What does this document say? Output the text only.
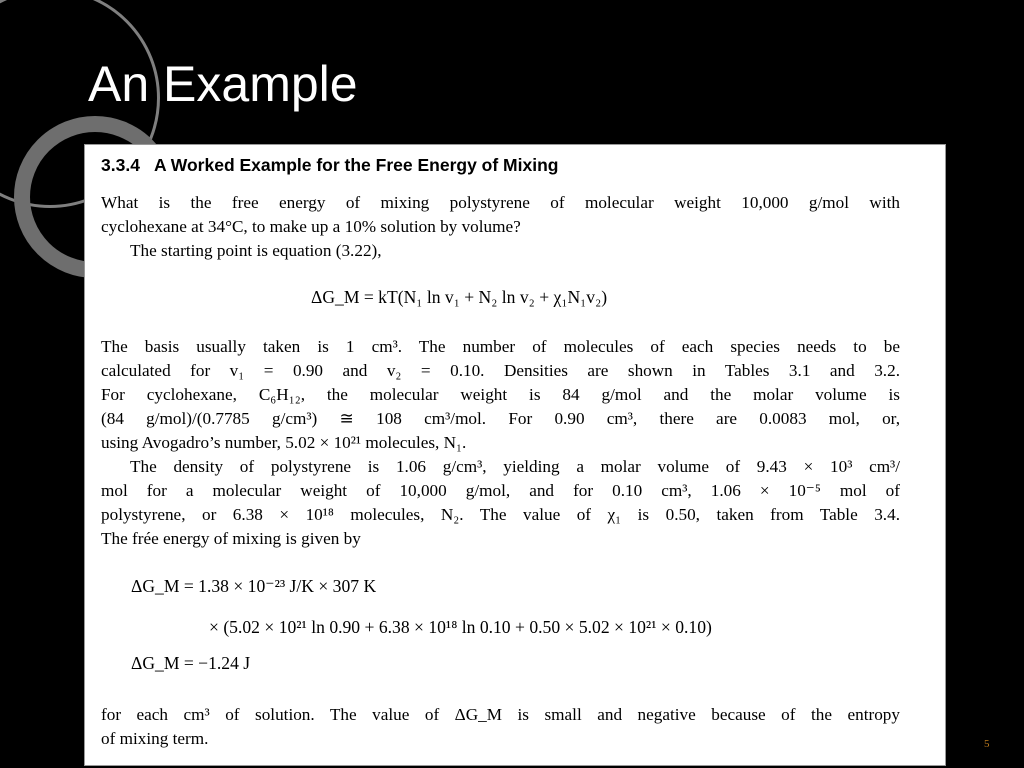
An Example
3.3.4 A Worked Example for the Free Energy of Mixing
What is the free energy of mixing polystyrene of molecular weight 10,000 g/mol with
cyclohexane at 34°C, to make up a 10% solution by volume?
The starting point is equation (3.22),
ΔG_M = kT(N₁ ln v₁ + N₂ ln v₂ + χ₁N₁v₂)
The basis usually taken is 1 cm³. The number of molecules of each species needs to be
calculated for v₁ = 0.90 and v₂ = 0.10. Densities are shown in Tables 3.1 and 3.2.
For cyclohexane, C₆H₁₂, the molecular weight is 84 g/mol and the molar volume is
(84 g/mol)/(0.7785 g/cm³) ≅ 108 cm³/mol. For 0.90 cm³, there are 0.0083 mol, or,
using Avogadro’s number, 5.02 × 10²¹ molecules, N₁.
The density of polystyrene is 1.06 g/cm³, yielding a molar volume of 9.43 × 10³ cm³/
mol for a molecular weight of 10,000 g/mol, and for 0.10 cm³, 1.06 × 10⁻⁵ mol of
polystyrene, or 6.38 × 10¹⁸ molecules, N₂. The value of χ₁ is 0.50, taken from Table 3.4.
The frée energy of mixing is given by
ΔG_M = 1.38 × 10⁻²³ J/K × 307 K
× (5.02 × 10²¹ ln 0.90 + 6.38 × 10¹⁸ ln 0.10 + 0.50 × 5.02 × 10²¹ × 0.10)
ΔG_M = −1.24 J
for each cm³ of solution. The value of ΔG_M is small and negative because of the entropy
of mixing term.	5
